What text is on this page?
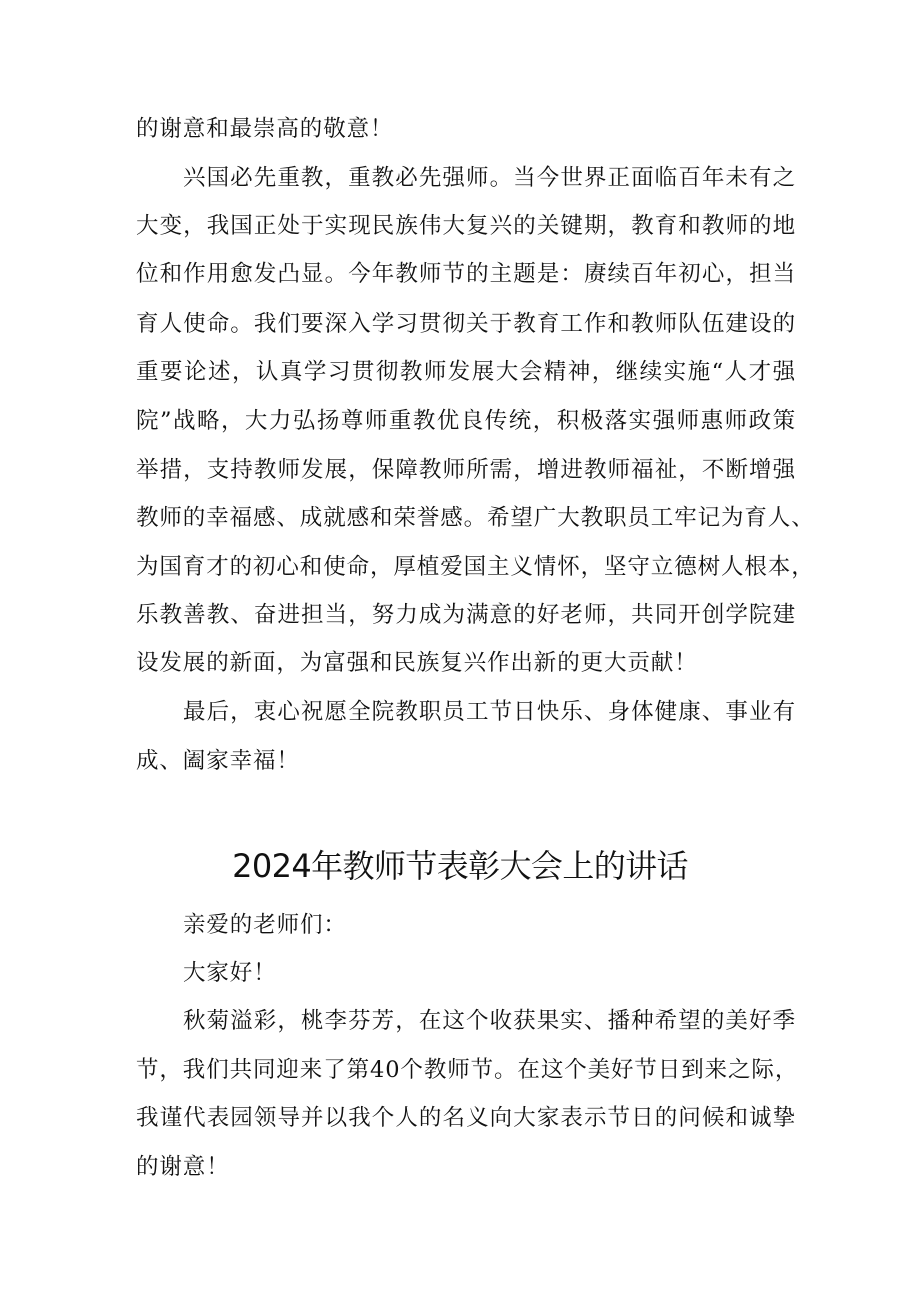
的谢意和最崇高的敬意！

兴国必先重教，重教必先强师。当今世界正面临百年未有之

大变，我国正处于实现民族伟大复兴的关键期，教育和教师的地

位和作用愈发凸显。今年教师节的主题是：赓续百年初心，担当

育人使命。我们要深入学习贯彻关于教育工作和教师队伍建设的

重要论述，认真学习贯彻教师发展大会精神，继续实施“人才强

院”战略，大力弘扬尊师重教优良传统，积极落实强师惠师政策

举措，支持教师发展，保障教师所需，增进教师福祉，不断增强

教师的幸福感、成就感和荣誉感。希望广大教职员工牢记为育人、

为国育才的初心和使命，厚植爱国主义情怀，坚守立德树人根本，

乐教善教、奋进担当，努力成为满意的好老师，共同开创学院建

设发展的新面，为富强和民族复兴作出新的更大贡献！

最后，衷心祝愿全院教职员工节日快乐、身体健康、事业有

成、阖家幸福！

2024年教师节表彰大会上的讲话

亲爱的老师们：

大家好！

秋菊溢彩，桃李芬芳，在这个收获果实、播种希望的美好季

节，我们共同迎来了第40个教师节。在这个美好节日到来之际，

我谨代表园领导并以我个人的名义向大家表示节日的问候和诚挚

的谢意！
